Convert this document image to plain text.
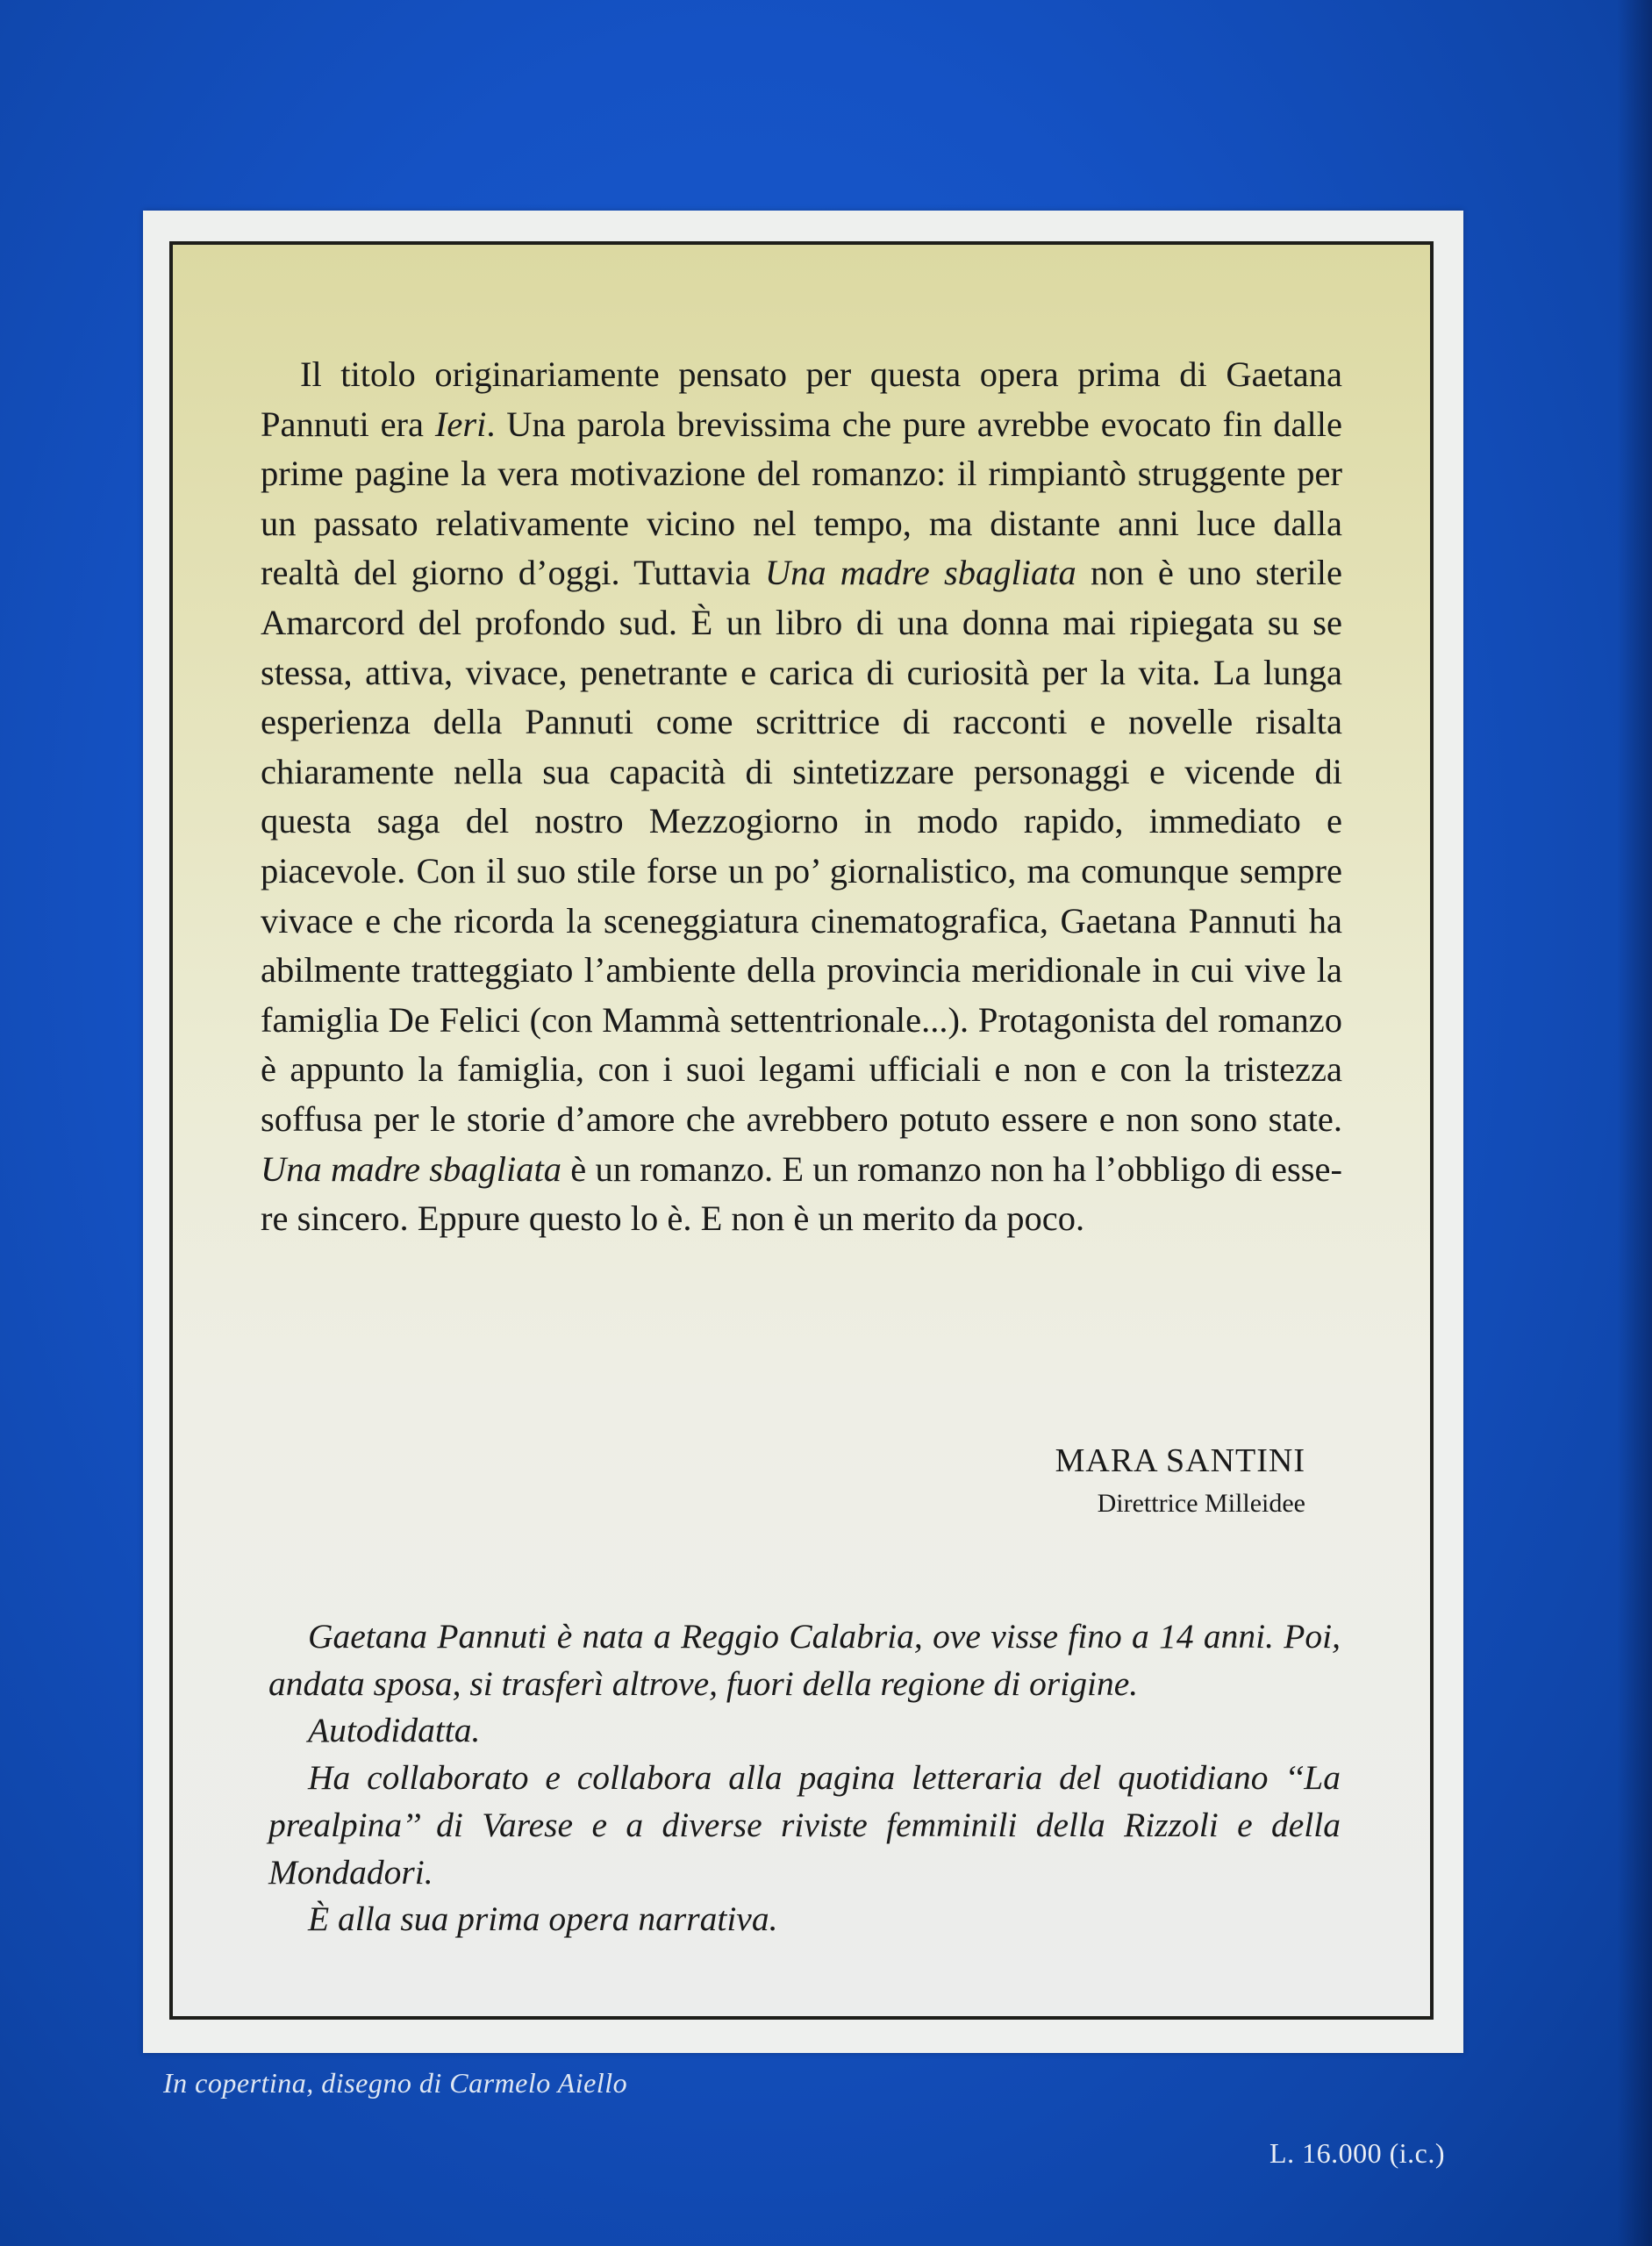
Il titolo originariamente pensato per questa opera prima di Gaetana Pannuti era Ieri. Una parola brevissima che pure avrebbe evocato fin dalle prime pagine la vera motivazione del romanzo: il rimpiantò struggente per un passato relativamente vicino nel tempo, ma distante anni luce dalla realtà del giorno d’oggi. Tuttavia Una madre sbagliata non è uno sterile Amarcord del profondo sud. È un libro di una donna mai ripiegata su se stessa, attiva, vivace, penetrante e carica di curiosità per la vita. La lunga esperienza della Pannuti come scrittrice di racconti e novelle risalta chiaramente nella sua capacità di sintetizzare personaggi e vicende di questa saga del nostro Mezzogiorno in modo rapido, immediato e piacevole. Con il suo stile forse un po’ giornalistico, ma comunque sempre vivace e che ricorda la sceneggiatura cinematografica, Gaetana Pannuti ha abilmente tratteggiato l’ambiente della provincia meridionale in cui vive la famiglia De Felici (con Mammà settentrionale...). Protagonista del romanzo è appunto la famiglia, con i suoi legami ufficiali e non e con la tristezza soffusa per le storie d’amore che avrebbero potuto essere e non sono state. Una madre sbagliata è un romanzo. E un romanzo non ha l’obbligo di essere sincero. Eppure questo lo è. E non è un merito da poco.

MARA SANTINI
Direttrice Milleidee

Gaetana Pannuti è nata a Reggio Calabria, ove visse fino a 14 anni. Poi, andata sposa, si trasferì altrove, fuori della regione di origine.

Autodidatta.

Ha collaborato e collabora alla pagina letteraria del quotidiano ‘‘La prealpina’’ di Varese e a diverse riviste femminili della Rizzoli e della Mondadori.

È alla sua prima opera narrativa.

In copertina, disegno di Carmelo Aiello
L. 16.000 (i.c.)
